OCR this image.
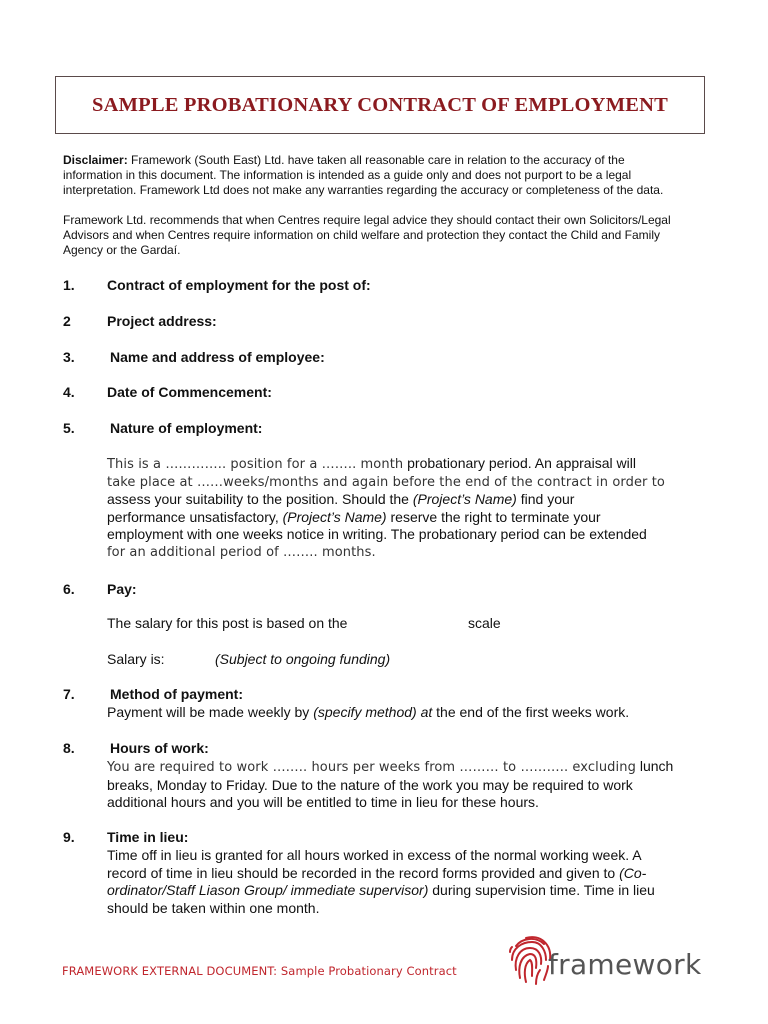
SAMPLE PROBATIONARY CONTRACT OF EMPLOYMENT
Disclaimer: Framework (South East) Ltd. have taken all reasonable care in relation to the accuracy of the
information in this document. The information is intended as a guide only and does not purport to be a legal
interpretation. Framework Ltd does not make any warranties regarding the accuracy or completeness of the data.
Framework Ltd. recommends that when Centres require legal advice they should contact their own Solicitors/Legal
Advisors and when Centres require information on child welfare and protection they contact the Child and Family
Agency or the Gardaí.
1. Contract of employment for the post of:
2	Project address:
3.	Name and address of employee:
4. Date of Commencement:
5.	Nature of employment:
This is a ………….. position for a …….. month probationary period. An appraisal will
take place at ……weeks/months and again before the end of the contract in order to
assess your suitability to the position. Should the (Project’s Name) find your
performance unsatisfactory, (Project’s Name) reserve the right to terminate your
employment with one weeks notice in writing. The probationary period can be extended
for an additional period of …….. months.
6. Pay:
The salary for this post is based on the	scale
Salary is:	(Subject to ongoing funding)
7.	Method of payment:
Payment will be made weekly by (specify method) at the end of the first weeks work.
8.	Hours of work:
You are required to work …….. hours per weeks from ……… to ……….. excluding lunch
breaks, Monday to Friday. Due to the nature of the work you may be required to work
additional hours and you will be entitled to time in lieu for these hours.
9. Time in lieu:
Time off in lieu is granted for all hours worked in excess of the normal working week. A
record of time in lieu should be recorded in the record forms provided and given to (Co-
ordinator/Staff Liason Group/ immediate supervisor) during supervision time. Time in lieu
should be taken within one month.
FRAMEWORK EXTERNAL DOCUMENT: Sample Probationary Contract	framework
